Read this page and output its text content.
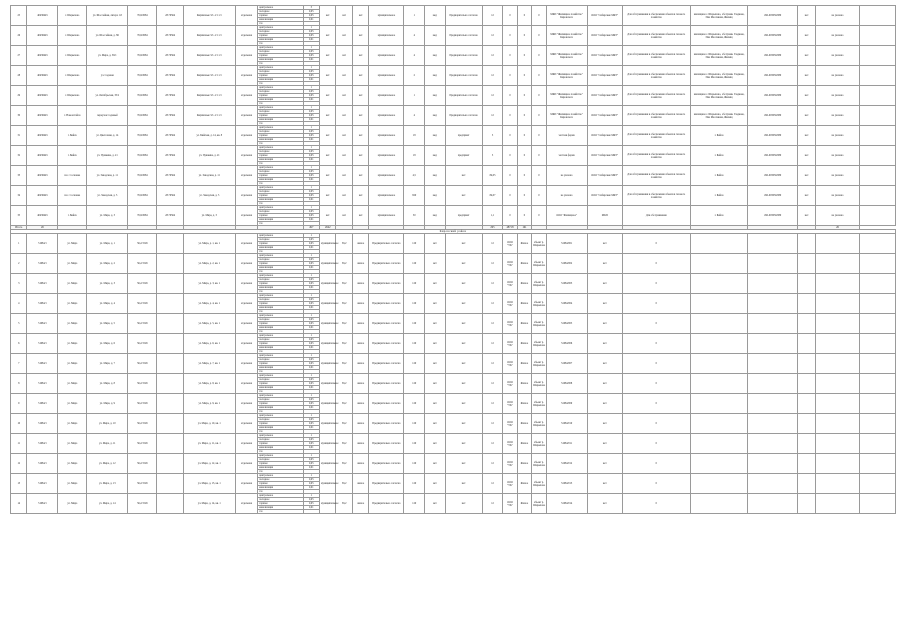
25	40438445	г. Шарыпово	ул. Шоссейная, литера 1.8	76,8/2684	28.70564	Кирпичные 3/1-1/1 1/1	отдельная	центральное	3	нет	нет	нет	муниципальное	1	мед	Предварительно согласно	12	0	0	0	МКП "Жилищное хозяйство" Кировского	ООО "Сибирские МКУ"	Для обслуживания и обеспечения объектов газового хозяйства	жилищная с. Шарыпово, обслужив. Гладкова, Пан Массивная, Жилищ	456-003056/080	нет	не указано	
								холодное	0,05																			
								горячее	0,05																			
								канализация	0,01																			
								газ																				
26	40438445	г. Шарыпово	ул. Шоссейная, д. 3Б	76,8/2684	28.70564	Кирпичные 3/1-1/1 1/1	отдельная	центральное	1	нет	нет	нет	муниципальное	4	мед	Предварительно согласно	12	0	0	0	МКП "Жилищное хозяйство" Кировского	ООО "Сибирские МКУ"	Для обслуживания и обеспечения объектов газового хозяйства	жилищная с. Шарыпово, обслужив. Гладкова, Пан Массивная, Жилищ	456-003056/080	нет	не указано	
								холодное	0,05																			
								горячее	0,05																			
								канализация	0,01																			
								газ																				
27	40438445	г. Шарыпово	ул. Мира, д. 56/1	76,8/2684	28.70564	Кирпичные 3/1-1/1 1/1	отдельная	центральное	1	нет	нет	нет	муниципальное	4	мед	Предварительно согласно	12	0	0	0	МКП "Жилищное хозяйство" Кировского	ООО "Сибирские МКУ"	Для обслуживания и обеспечения объектов газового хозяйства	жилищная с. Шарыпово, обслужив. Гладкова, Пан Массивная, Жилищ	456-003056/080	нет	не указано	
								холодное	0,05																			
								горячее	0,05																			
								канализация	0,01																			
								газ																				
28	40438445	г. Шарыпово	ул. Садовая	76,8/2684	28.70564	Кирпичные 3/1-1/1 1/1	отдельная	центральное	1	нет	нет	нет	муниципальное	2	мед	Предварительно согласно	12	0	0	0	МКП "Жилищное хозяйство" Кировского	ООО "Сибирские МКУ"	Для обслуживания и обеспечения объектов газового хозяйства	жилищная с. Шарыпово, обслужив. Гладкова, Пан Массивная, Жилищ	456-003056/080	нет	не указано	
								холодное	0,05																			
								горячее	0,05																			
								канализация	0,01																			
								газ																				
29	40438445	г. Шарыпово	ул. Октябрьская, 35/2	76,8/2684	28.70564	Кирпичные 3/1-1/1 1/1	отдельная	центральное	1	нет	нет	нет	муниципальное	1	мед	Предварительно согласно	12	0	0	0	МКП "Жилищное хозяйство" Кировского	ООО "Сибирские МКУ"	Для обслуживания и обеспечения объектов газового хозяйства	жилищная с. Шарыпово, обслужив. Гладкова, Пан Массивная, Жилищ	456-003056/080	нет	не указано	
								холодное	0,05																			
								горячее	0,05																			
								канализация	0,01																			
								газ																				
30	40438445	г. Новоалтайск	переулок Садовый	76,8/2684	28.70564	Кирпичные 3/1-1/1 1/1	отдельная	центральное	1	нет	нет	нет	муниципальное	4	мед	Предварительно согласно	12	0	0	0	МКП "Жилищное хозяйство" Кировского	ООО "Сибирские МКУ"	Для обслуживания и обеспечения объектов газового хозяйства	жилищная с. Шарыпово, обслужив. Гладкова, Пан Массивная, Жилищ	456-003056/080	нет	не указано	
								холодное	0,05																			
								горячее	0,05																			
								канализация	0,01																			
								газ																				
31	40438445	г. Бийск	ул. Цветочная, д. 14	76,8/2684	28.70564	ул. Бийская, д. 14, кв. 8	отдельная	центральное	1	нет	нет	нет	муниципальное	18	мед	предприят	5	0	0	0	частная форма	ООО "Сибирские МКУ"	Для обслуживания и обеспечения объектов газового хозяйства	г. Бийск	456-003056/080	нет	не указано	
								холодное	0,05																			
								горячее	0,05																			
								канализация	0,01																			
								газ																				
32	40438445	г. Бийск	ул. Пушкина, д. 21	76,8/2684	28.70564	ул. Пушкина, д. 21	отдельная	центральное	1	нет	нет	нет	муниципальное	18	мед	предприят	5	0	0	0	частная форма	ООО "Сибирские МКУ"	Для обслуживания и обеспечения объектов газового хозяйства	г. Бийск	456-003056/080	нет	не указано	
								холодное	0,05																			
								горячее	0,05																			
								канализация	0,01																			
								газ																				
33	40438445	пос. Сосновка	ул. Заводская, д. 11	76,8/2684	28.70564	ул. Заводская, д. 11	отдельная	центральное	1	нет	нет	нет	муниципальное	4,5	мед	нет	84,05	0	0	0	не указано	ООО "Сибирские МКУ"	Для обслуживания и обеспечения объектов газового хозяйства	г. Бийск	456-003056/080	нет	не указано	
								холодное	0,05																			
								горячее	0,05																			
								канализация	0,01																			
								газ																				
34	40438445	пос. Сосновка	ул. Заводская, д. 5	76,8/2684	28.70564	ул. Заводская, д. 5	отдельная	центральное	1	нет	нет	нет	муниципальное	820	мед	нет	84,07	0	0	0	не указано	ООО "Сибирские МКУ"	Для обслуживания и обеспечения объектов газового хозяйства	г. Бийск	456-003056/080	нет	не указано	
								холодное	0,05																			
								горячее	0,05																			
								канализация	0,01																			
								газ																				
35	40438445	г. Бийск	ул. Мира, д. 3	76,8/2684	28.70564	ул. Мира, д. 3	отдельная	центральное	1	нет	нет	нет	муниципальное	50	мед	предприят	1,1	0	0	0	ООО "Жилищное"	МКП	Для обслуживания	г. Бийск	456-003056/080	нет	не указано	
								холодное	0,05																			
								горячее	0,05																			
								канализация	0,01																			
								газ																				
Итого	26								497	2642							295	48718	161								26	
Кировский район																												
1	51684/1	ул. Мира	ул. Мира, д. 1	56,2/1526		ул. Мира, д. 1, кв. 1	отдельная	центральное	1	муниципальное	56,2	жилое	Предварительно согласно	120	нет	нет	12	ООО "УК"	Жилое	объект р. Шарыпово	51684/001	нет	0					
								холодное	0,05																			
								горячее	0,05																			
								канализация	0,01																			
								газ																				
2	51684/1	ул. Мира	ул. Мира, д. 2	56,2/1526		ул. Мира, д. 2, кв. 1	отдельная	центральное	1	муниципальное	56,2	жилое	Предварительно согласно	120	нет	нет	12	ООО "УК"	Жилое	объект р. Шарыпово	51684/002	нет	0					
								холодное	0,05																			
								горячее	0,05																			
								канализация	0,01																			
								газ																				
3	51684/1	ул. Мира	ул. Мира, д. 3	56,2/1526		ул. Мира, д. 3, кв. 1	отдельная	центральное	1	муниципальное	56,2	жилое	Предварительно согласно	120	нет	нет	12	ООО "УК"	Жилое	объект р. Шарыпово	51684/003	нет	0					
								холодное	0,05																			
								горячее	0,05																			
								канализация	0,01																			
								газ																				
4	51684/1	ул. Мира	ул. Мира, д. 4	56,2/1526		ул. Мира, д. 4, кв. 1	отдельная	центральное	1	муниципальное	56,2	жилое	Предварительно согласно	120	нет	нет	12	ООО "УК"	Жилое	объект р. Шарыпово	51684/004	нет	0					
								холодное	0,05																			
								горячее	0,05																			
								канализация	0,01																			
								газ																				
5	51684/1	ул. Мира	ул. Мира, д. 5	56,2/1526		ул. Мира, д. 5, кв. 1	отдельная	центральное	1	муниципальное	56,2	жилое	Предварительно согласно	120	нет	нет	12	ООО "УК"	Жилое	объект р. Шарыпово	51684/005	нет	0					
								холодное	0,05																			
								горячее	0,05																			
								канализация	0,01																			
								газ																				
6	51684/1	ул. Мира	ул. Мира, д. 6	56,2/1526		ул. Мира, д. 6, кв. 1	отдельная	центральное	1	муниципальное	56,2	жилое	Предварительно согласно	120	нет	нет	12	ООО "УК"	Жилое	объект р. Шарыпово	51684/006	нет	0					
								холодное	0,05																			
								горячее	0,05																			
								канализация	0,01																			
								газ																				
7	51684/1	ул. Мира	ул. Мира, д. 7	56,2/1526		ул. Мира, д. 7, кв. 1	отдельная	центральное	1	муниципальное	56,2	жилое	Предварительно согласно	120	нет	нет	12	ООО "УК"	Жилое	объект р. Шарыпово	51684/007	нет	0					
								холодное	0,05																			
								горячее	0,05																			
								канализация	0,01																			
								газ																				
8	51684/1	ул. Мира	ул. Мира, д. 8	56,2/1526		ул. Мира, д. 8, кв. 1	отдельная	центральное	1	муниципальное	56,2	жилое	Предварительно согласно	120	нет	нет	12	ООО "УК"	Жилое	объект р. Шарыпово	51684/008	нет	0					
								холодное	0,05																			
								горячее	0,05																			
								канализация	0,01																			
								газ																				
9	51684/1	ул. Мира	ул. Мира, д. 9	56,2/1526		ул. Мира, д. 9, кв. 1	отдельная	центральное	1	муниципальное	56,2	жилое	Предварительно согласно	120	нет	нет	12	ООО "УК"	Жилое	объект р. Шарыпово	51684/009	нет	0					
								холодное	0,05																			
								горячее	0,05																			
								канализация	0,01																			
								газ																				
10	51684/1	ул. Мира	ул. Мира, д. 10	56,2/1526		ул. Мира, д. 10, кв. 1	отдельная	центральное	1	муниципальное	56,2	жилое	Предварительно согласно	120	нет	нет	12	ООО "УК"	Жилое	объект р. Шарыпово	51684/010	нет	0					
								холодное	0,05																			
								горячее	0,05																			
								канализация	0,01																			
								газ																				
11	51684/1	ул. Мира	ул. Мира, д. 11	56,2/1526		ул. Мира, д. 11, кв. 1	отдельная	центральное	1	муниципальное	56,2	жилое	Предварительно согласно	120	нет	нет	12	ООО "УК"	Жилое	объект р. Шарыпово	51684/011	нет	0					
								холодное	0,05																			
								горячее	0,05																			
								канализация	0,01																			
								газ																				
12	51684/1	ул. Мира	ул. Мира, д. 12	56,2/1526		ул. Мира, д. 12, кв. 1	отдельная	центральное	1	муниципальное	56,2	жилое	Предварительно согласно	120	нет	нет	12	ООО "УК"	Жилое	объект р. Шарыпово	51684/012	нет	0					
								холодное	0,05																			
								горячее	0,05																			
								канализация	0,01																			
								газ																				
13	51684/1	ул. Мира	ул. Мира, д. 13	56,2/1526		ул. Мира, д. 13, кв. 1	отдельная	центральное	1	муниципальное	56,2	жилое	Предварительно согласно	120	нет	нет	12	ООО "УК"	Жилое	объект р. Шарыпово	51684/013	нет	0					
								холодное	0,05																			
								горячее	0,05																			
								канализация	0,01																			
								газ																				
14	51684/1	ул. Мира	ул. Мира, д. 14	56,2/1526		ул. Мира, д. 14, кв. 1	отдельная	центральное	1	муниципальное	56,2	жилое	Предварительно согласно	120	нет	нет	12	ООО "УК"	Жилое	объект р. Шарыпово	51684/014	нет	0					
								холодное	0,05																			
								горячее	0,05																			
								канализация	0,01																			
								газ																				
